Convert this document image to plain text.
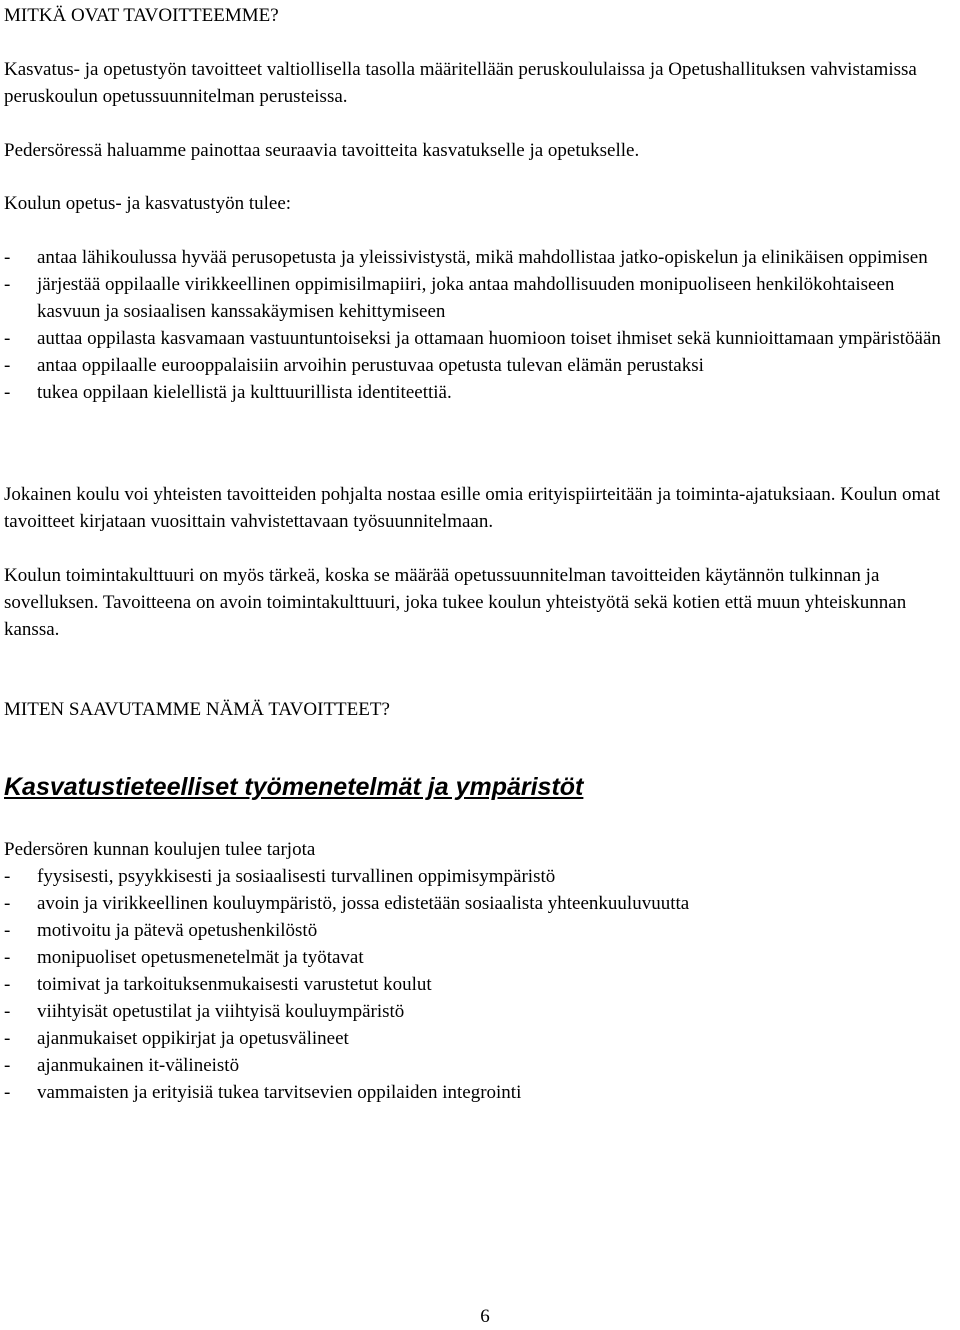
MITKÄ OVAT TAVOITTEEMME?
Kasvatus- ja opetustyön tavoitteet valtiollisella tasolla määritellään peruskoululaissa ja Opetushallituksen vahvistamissa peruskoulun opetussuunnitelman perusteissa.
Pedersöressä haluamme painottaa seuraavia tavoitteita kasvatukselle ja opetukselle.
Koulun opetus- ja kasvatustyön tulee:
-	antaa lähikoulussa hyvää perusopetusta ja yleissivistystä, mikä mahdollistaa jatko-opiskelun ja elinikäisen oppimisen
-	järjestää oppilaalle virikkeellinen oppimisilmapiiri, joka antaa mahdollisuuden monipuoliseen henkilökohtaiseen kasvuun ja sosiaalisen kanssakäymisen kehittymiseen
-	auttaa oppilasta kasvamaan vastuuntuntoiseksi ja ottamaan huomioon toiset ihmiset sekä kunnioittamaan ympäristöään
-	antaa oppilaalle eurooppalaisiin arvoihin perustuvaa opetusta tulevan elämän perustaksi
-	tukea oppilaan kielellistä ja kulttuurillista identiteettiä.
Jokainen koulu voi yhteisten tavoitteiden pohjalta nostaa esille omia erityispiirteitään ja toiminta-ajatuksiaan. Koulun omat tavoitteet kirjataan vuosittain vahvistettavaan työsuunnitelmaan.
Koulun toimintakulttuuri on myös tärkeä, koska se määrää opetussuunnitelman tavoitteiden käytännön tulkinnan ja sovelluksen. Tavoitteena on avoin toimintakulttuuri, joka tukee koulun yhteistyötä sekä kotien että muun yhteiskunnan kanssa.
MITEN SAAVUTAMME NÄMÄ TAVOITTEET?
Kasvatustieteelliset työmenetelmät ja ympäristöt
Pedersören kunnan koulujen tulee tarjota
-	fyysisesti, psyykkisesti ja sosiaalisesti turvallinen oppimisympäristö
-	avoin ja virikkeellinen kouluympäristö, jossa edistetään sosiaalista yhteenkuuluvuutta
-	motivoitu ja pätevä opetushenkilöstö
-	monipuoliset opetusmenetelmät ja työtavat
-	toimivat ja tarkoituksenmukaisesti varustetut koulut
-	viihtyisät opetustilat ja viihtyisä kouluympäristö
-	ajanmukaiset oppikirjat ja opetusvälineet
-	ajanmukainen it-välineistö
-	vammaisten ja erityisiä tukea tarvitsevien oppilaiden integrointi
6
